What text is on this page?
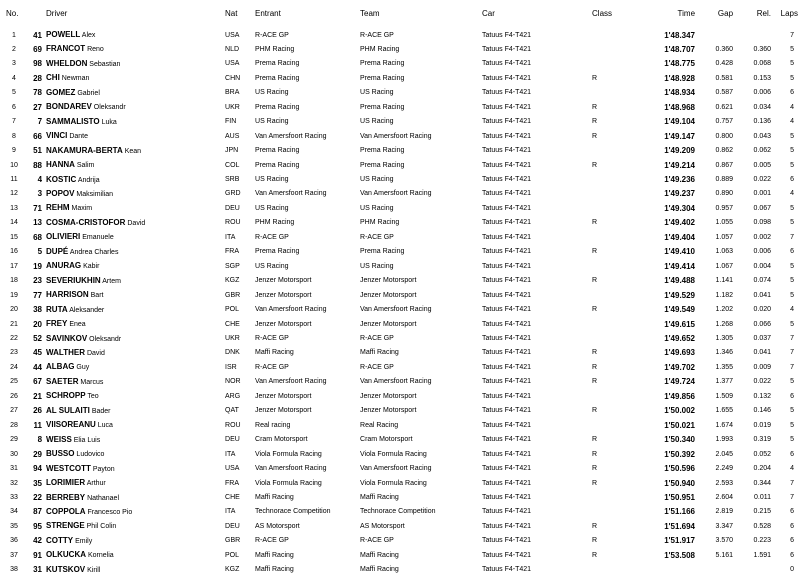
No.		Driver	Nat	Entrant	Team	Car	Class	Time	Gap	Rel.	Laps
1	41	POWELL Alex	USA	R-ACE GP	R-ACE GP	Tatuus F4-T421		1'48.347			7
2	69	FRANCOT Reno	NLD	PHM Racing	PHM Racing	Tatuus F4-T421		1'48.707	0.360	0.360	5
3	98	WHELDON Sebastian	USA	Prema Racing	Prema Racing	Tatuus F4-T421		1'48.775	0.428	0.068	5
4	28	CHI Newman	CHN	Prema Racing	Prema Racing	Tatuus F4-T421	R	1'48.928	0.581	0.153	5
5	78	GOMEZ Gabriel	BRA	US Racing	US Racing	Tatuus F4-T421		1'48.934	0.587	0.006	6
6	27	BONDAREV Oleksandr	UKR	Prema Racing	Prema Racing	Tatuus F4-T421	R	1'48.968	0.621	0.034	4
7	7	SAMMALISTO Luka	FIN	US Racing	US Racing	Tatuus F4-T421	R	1'49.104	0.757	0.136	4
8	66	VINCI Dante	AUS	Van Amersfoort Racing	Van Amersfoort Racing	Tatuus F4-T421	R	1'49.147	0.800	0.043	5
9	51	NAKAMURA-BERTA Kean	JPN	Prema Racing	Prema Racing	Tatuus F4-T421		1'49.209	0.862	0.062	5
10	88	HANNA Salim	COL	Prema Racing	Prema Racing	Tatuus F4-T421	R	1'49.214	0.867	0.005	5
11	4	KOSTIC Andrija	SRB	US Racing	US Racing	Tatuus F4-T421		1'49.236	0.889	0.022	6
12	3	POPOV Maksimilian	GRD	Van Amersfoort Racing	Van Amersfoort Racing	Tatuus F4-T421		1'49.237	0.890	0.001	4
13	71	REHM Maxim	DEU	US Racing	US Racing	Tatuus F4-T421		1'49.304	0.957	0.067	5
14	13	COSMA-CRISTOFOR David	ROU	PHM Racing	PHM Racing	Tatuus F4-T421	R	1'49.402	1.055	0.098	5
15	68	OLIVIERI Emanuele	ITA	R-ACE GP	R-ACE GP	Tatuus F4-T421		1'49.404	1.057	0.002	7
16	5	DUPÉ Andrea Charles	FRA	Prema Racing	Prema Racing	Tatuus F4-T421	R	1'49.410	1.063	0.006	6
17	19	ANURAG Kabir	SGP	US Racing	US Racing	Tatuus F4-T421		1'49.414	1.067	0.004	5
18	23	SEVERIUKHIN Artem	KGZ	Jenzer Motorsport	Jenzer Motorsport	Tatuus F4-T421	R	1'49.488	1.141	0.074	5
19	77	HARRISON Bart	GBR	Jenzer Motorsport	Jenzer Motorsport	Tatuus F4-T421		1'49.529	1.182	0.041	5
20	38	RUTA Aleksander	POL	Van Amersfoort Racing	Van Amersfoort Racing	Tatuus F4-T421	R	1'49.549	1.202	0.020	4
21	20	FREY Enea	CHE	Jenzer Motorsport	Jenzer Motorsport	Tatuus F4-T421		1'49.615	1.268	0.066	5
22	52	SAVINKOV Oleksandr	UKR	R-ACE GP	R-ACE GP	Tatuus F4-T421		1'49.652	1.305	0.037	7
23	45	WALTHER David	DNK	Maffi Racing	Maffi Racing	Tatuus F4-T421	R	1'49.693	1.346	0.041	7
24	44	ALBAG Guy	ISR	R-ACE GP	R-ACE GP	Tatuus F4-T421	R	1'49.702	1.355	0.009	7
25	67	SAETER Marcus	NOR	Van Amersfoort Racing	Van Amersfoort Racing	Tatuus F4-T421	R	1'49.724	1.377	0.022	5
26	21	SCHROPP Teo	ARG	Jenzer Motorsport	Jenzer Motorsport	Tatuus F4-T421		1'49.856	1.509	0.132	6
27	26	AL SULAITI Bader	QAT	Jenzer Motorsport	Jenzer Motorsport	Tatuus F4-T421	R	1'50.002	1.655	0.146	5
28	11	VIISOREANU Luca	ROU	Real racing	Real Racing	Tatuus F4-T421		1'50.021	1.674	0.019	5
29	8	WEISS Elia Luis	DEU	Cram Motorsport	Cram Motorsport	Tatuus F4-T421	R	1'50.340	1.993	0.319	5
30	29	BUSSO Ludovico	ITA	Viola Formula Racing	Viola Formula Racing	Tatuus F4-T421	R	1'50.392	2.045	0.052	6
31	94	WESTCOTT Payton	USA	Van Amersfoort Racing	Van Amersfoort Racing	Tatuus F4-T421	R	1'50.596	2.249	0.204	4
32	35	LORIMIER Arthur	FRA	Viola Formula Racing	Viola Formula Racing	Tatuus F4-T421	R	1'50.940	2.593	0.344	7
33	22	BERREBY Nathanael	CHE	Maffi Racing	Maffi Racing	Tatuus F4-T421		1'50.951	2.604	0.011	7
34	87	COPPOLA Francesco Pio	ITA	Technorace Competition	Technorace Competition	Tatuus F4-T421		1'51.166	2.819	0.215	6
35	95	STRENGE Phil Colin	DEU	AS Motorsport	AS Motorsport	Tatuus F4-T421	R	1'51.694	3.347	0.528	6
36	42	COTTY Emily	GBR	R-ACE GP	R-ACE GP	Tatuus F4-T421	R	1'51.917	3.570	0.223	6
37	91	OLKUCKA Kornelia	POL	Maffi Racing	Maffi Racing	Tatuus F4-T421	R	1'53.508	5.161	1.591	6
38	31	KUTSKOV Kirill	KGZ	Maffi Racing	Maffi Racing	Tatuus F4-T421					0
